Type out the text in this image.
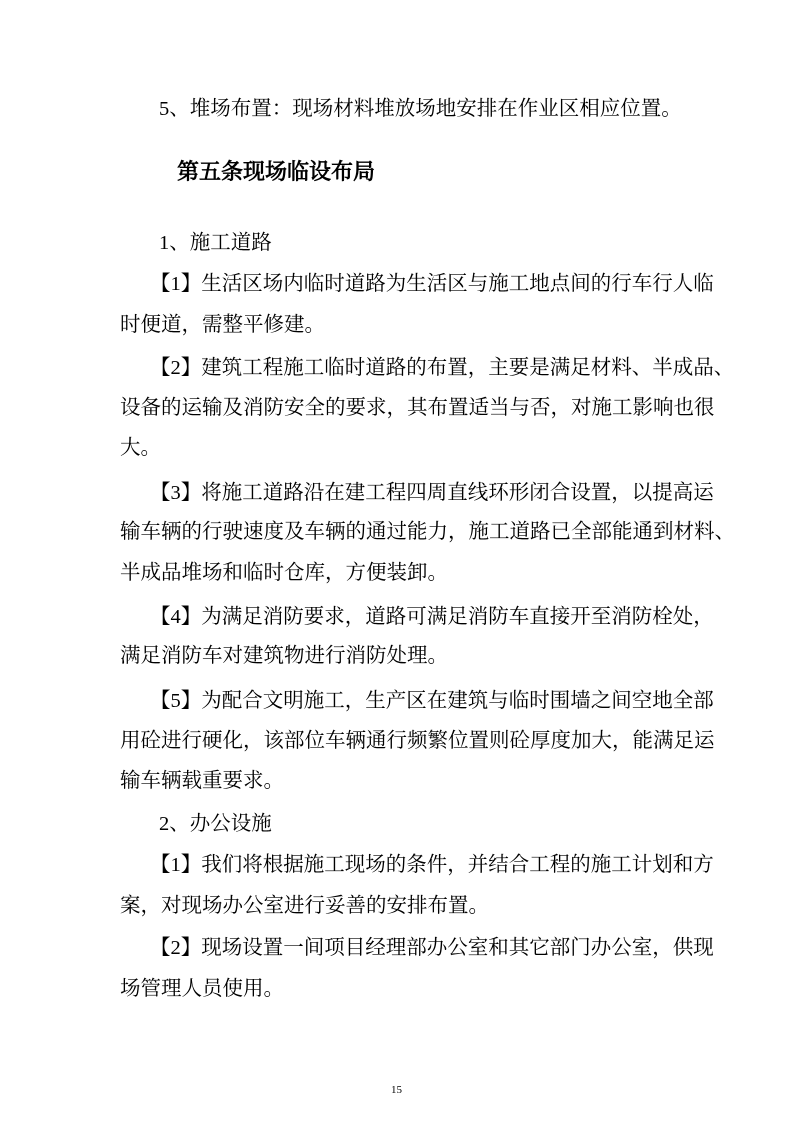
5、堆场布置：现场材料堆放场地安排在作业区相应位置。
第五条现场临设布局
1、施工道路
【1】生活区场内临时道路为生活区与施工地点间的行车行人临
时便道，需整平修建。
【2】建筑工程施工临时道路的布置，主要是满足材料、半成品、
设备的运输及消防安全的要求，其布置适当与否，对施工影响也很
大。
【3】将施工道路沿在建工程四周直线环形闭合设置，以提高运
输车辆的行驶速度及车辆的通过能力，施工道路已全部能通到材料、
半成品堆场和临时仓库，方便装卸。
【4】为满足消防要求，道路可满足消防车直接开至消防栓处，
满足消防车对建筑物进行消防处理。
【5】为配合文明施工，生产区在建筑与临时围墙之间空地全部
用砼进行硬化，该部位车辆通行频繁位置则砼厚度加大，能满足运
输车辆载重要求。
2、办公设施
【1】我们将根据施工现场的条件，并结合工程的施工计划和方
案，对现场办公室进行妥善的安排布置。
【2】现场设置一间项目经理部办公室和其它部门办公室，供现
场管理人员使用。
15
